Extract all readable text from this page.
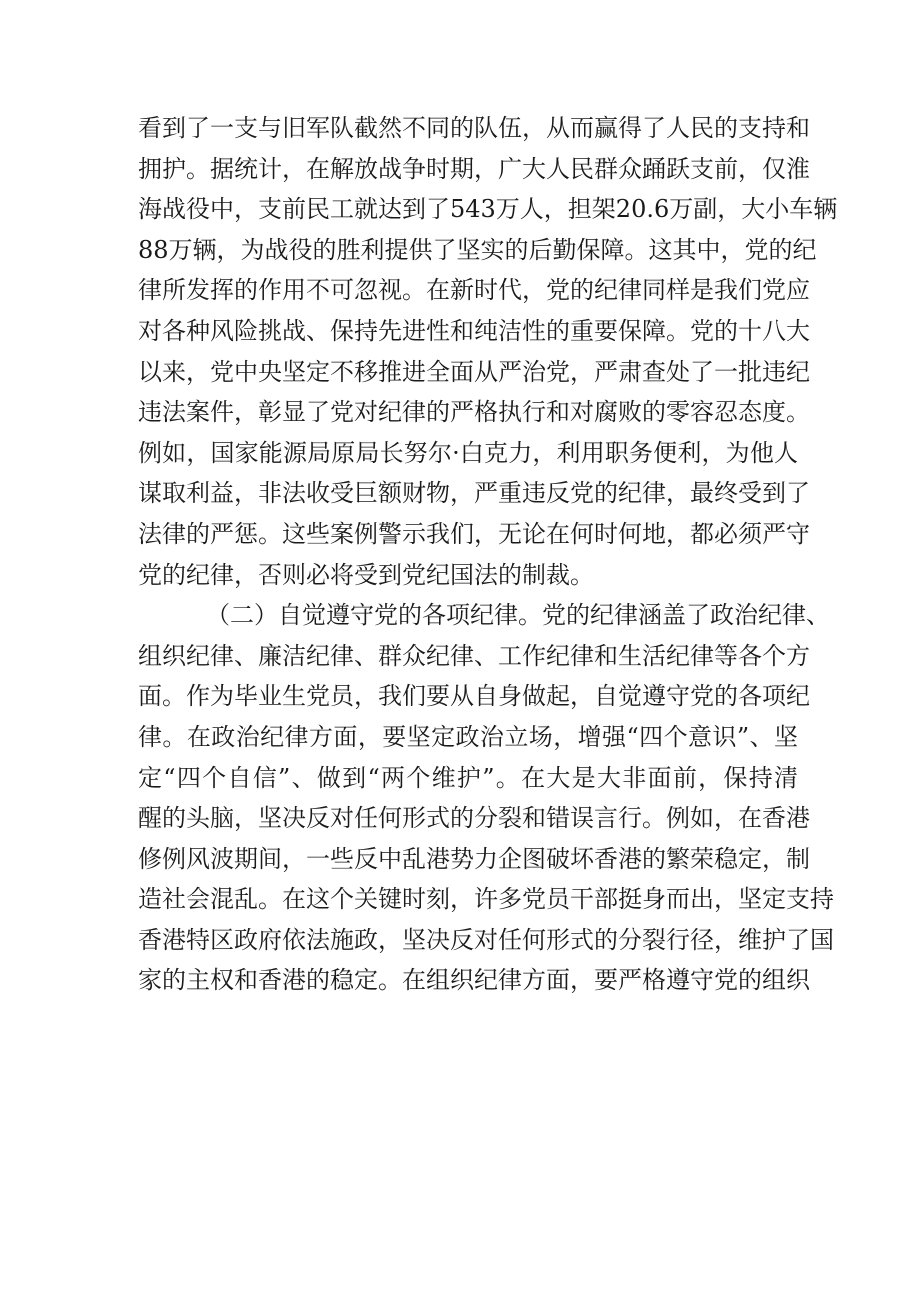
看到了一支与旧军队截然不同的队伍，从而赢得了人民的支持和
拥护。据统计，在解放战争时期，广大人民群众踊跃支前，仅淮
海战役中，支前民工就达到了543万人，担架20.6万副，大小车辆
88万辆，为战役的胜利提供了坚实的后勤保障。这其中，党的纪
律所发挥的作用不可忽视。在新时代，党的纪律同样是我们党应
对各种风险挑战、保持先进性和纯洁性的重要保障。党的十八大
以来，党中央坚定不移推进全面从严治党，严肃查处了一批违纪
违法案件，彰显了党对纪律的严格执行和对腐败的零容忍态度。
例如，国家能源局原局长努尔·白克力，利用职务便利，为他人
谋取利益，非法收受巨额财物，严重违反党的纪律，最终受到了
法律的严惩。这些案例警示我们，无论在何时何地，都必须严守
党的纪律，否则必将受到党纪国法的制裁。
（二）自觉遵守党的各项纪律。党的纪律涵盖了政治纪律、
组织纪律、廉洁纪律、群众纪律、工作纪律和生活纪律等各个方
面。作为毕业生党员，我们要从自身做起，自觉遵守党的各项纪
律。在政治纪律方面，要坚定政治立场，增强“四个意识”、坚
定“四个自信”、做到“两个维护”。在大是大非面前，保持清
醒的头脑，坚决反对任何形式的分裂和错误言行。例如，在香港
修例风波期间，一些反中乱港势力企图破坏香港的繁荣稳定，制
造社会混乱。在这个关键时刻，许多党员干部挺身而出，坚定支持
香港特区政府依法施政，坚决反对任何形式的分裂行径，维护了国
家的主权和香港的稳定。在组织纪律方面，要严格遵守党的组织
